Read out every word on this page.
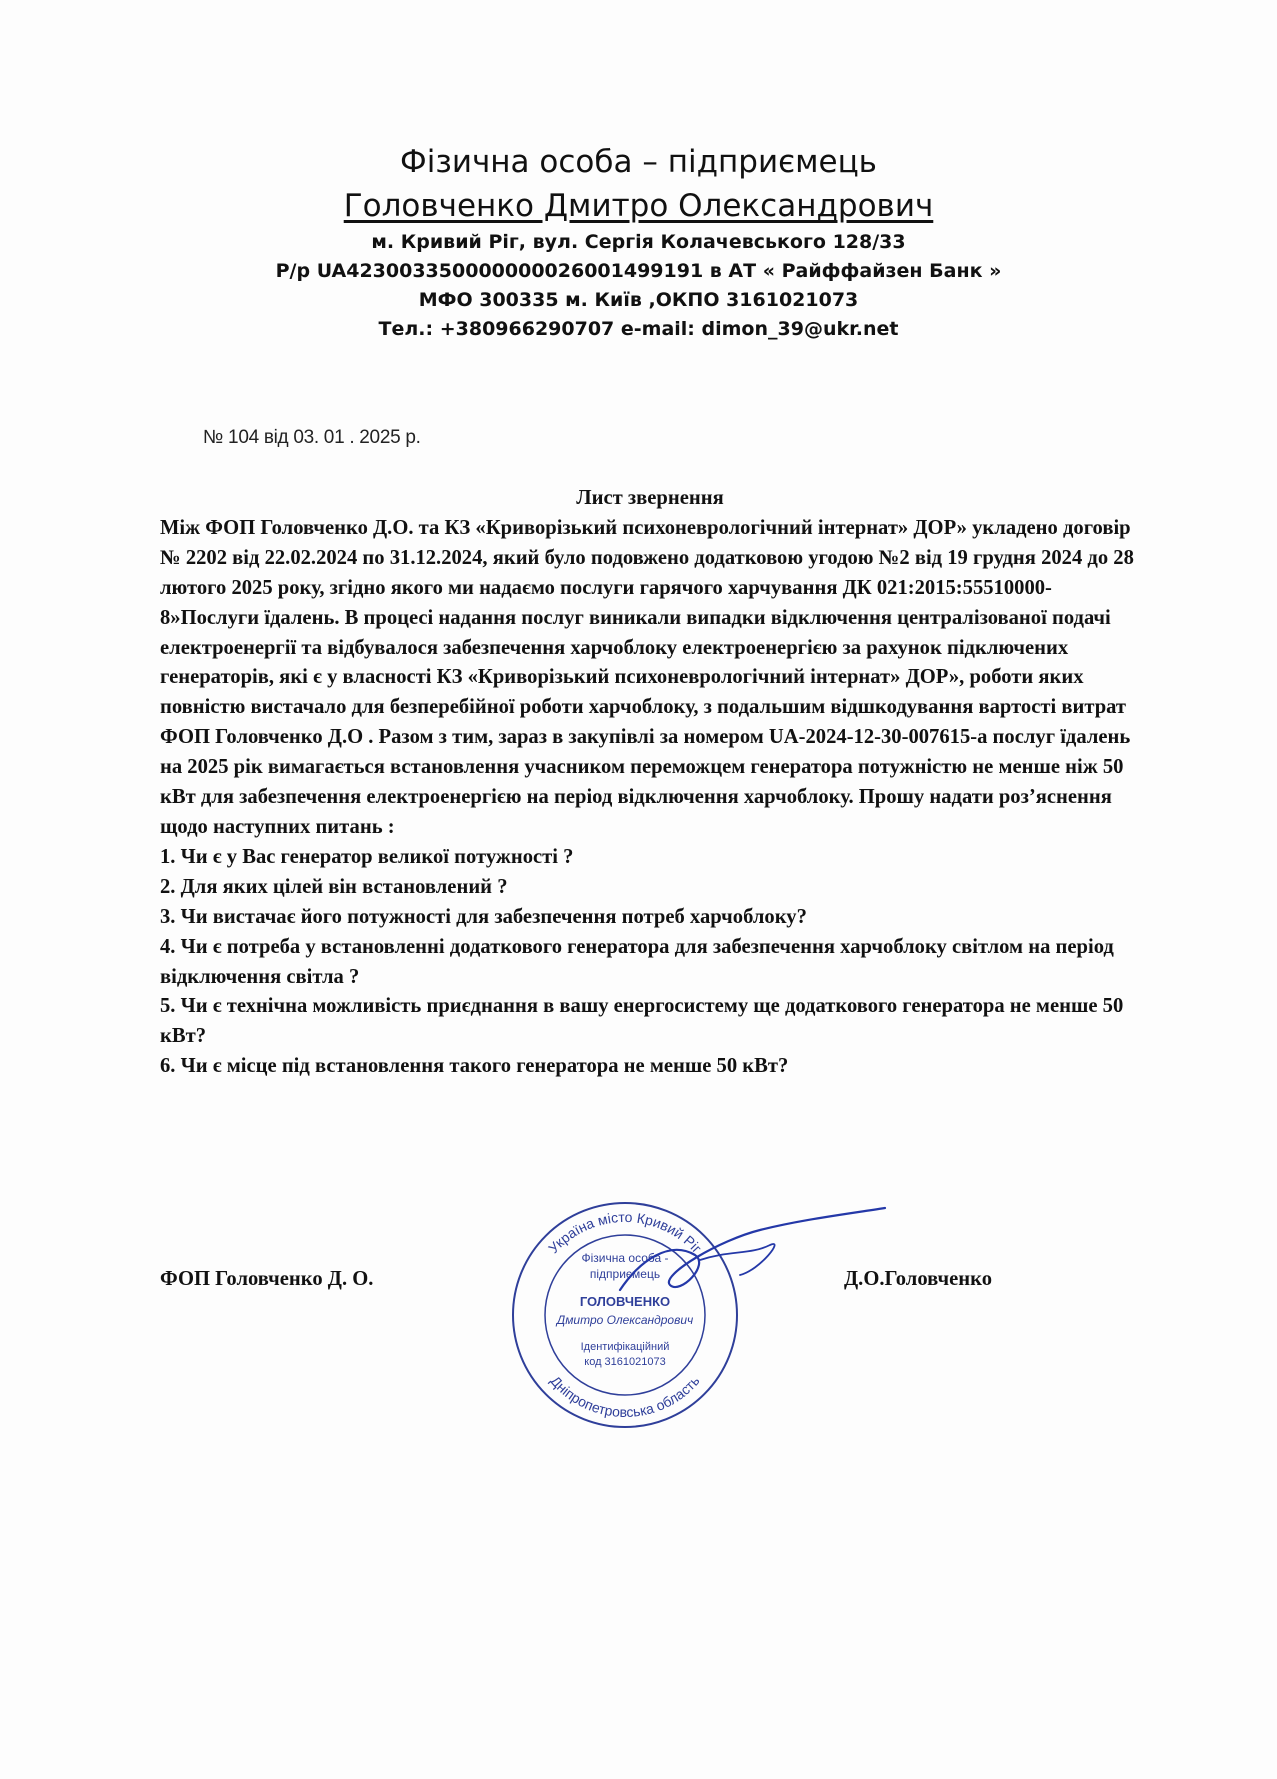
Фізична особа – підприємець
Головченко Дмитро Олександрович
м. Кривий Ріг, вул. Сергія Колачевського 128/33
Р/р UA423003350000000026001499191 в АТ « Райффайзен Банк »
МФО 300335 м. Київ ,ОКПО 3161021073
Тел.: +380966290707 e-mail: dimon_39@ukr.net
№ 104 від 03. 01 . 2025 р.
Лист звернення

Між ФОП Головченко Д.О. та КЗ «Криворізький психоневрологічний інтернат» ДОР» укладено договір № 2202 від 22.02.2024 по 31.12.2024, який було подовжено додатковою угодою №2 від 19 грудня 2024 до 28 лютого 2025 року, згідно якого ми надаємо послуги гарячого харчування ДК 021:2015:55510000-8»Послуги їдалень. В процесі надання послуг виникали випадки відключення централізованої подачі електроенергії та відбувалося забезпечення харчоблоку електроенергією за рахунок підключених генераторів, які є у власності КЗ «Криворізький психоневрологічний інтернат» ДОР», роботи яких повністю вистачало для безперебійної роботи харчоблоку, з подальшим відшкодування вартості витрат ФОП Головченко Д.О . Разом з тим, зараз в закупівлі за номером UA-2024-12-30-007615-а послуг їдалень на 2025 рік вимагається встановлення учасником переможцем генератора потужністю не менше ніж 50 кВт для забезпечення електроенергією на період відключення харчоблоку. Прошу надати роз’яснення щодо наступних питань :

1. Чи є у Вас генератор великої потужності ?

2. Для яких цілей він встановлений ?

3. Чи вистачає його потужності для забезпечення потреб харчоблоку?

4. Чи є потреба у встановленні додаткового генератора для забезпечення харчоблоку світлом на період відключення світла ?

5. Чи є технічна можливість приєднання в вашу енергосистему ще додаткового генератора не менше 50 кВт?

6. Чи є місце під встановлення такого генератора не менше 50 кВт?

ФОП Головченко Д. О.	Д.О.Головченко
Україна місто Кривий Ріг
Дніпропетровська область
Фізична особа -
підприємець
ГОЛОВЧЕНКО
Дмитро Олександрович
Ідентифікаційний
код 3161021073
